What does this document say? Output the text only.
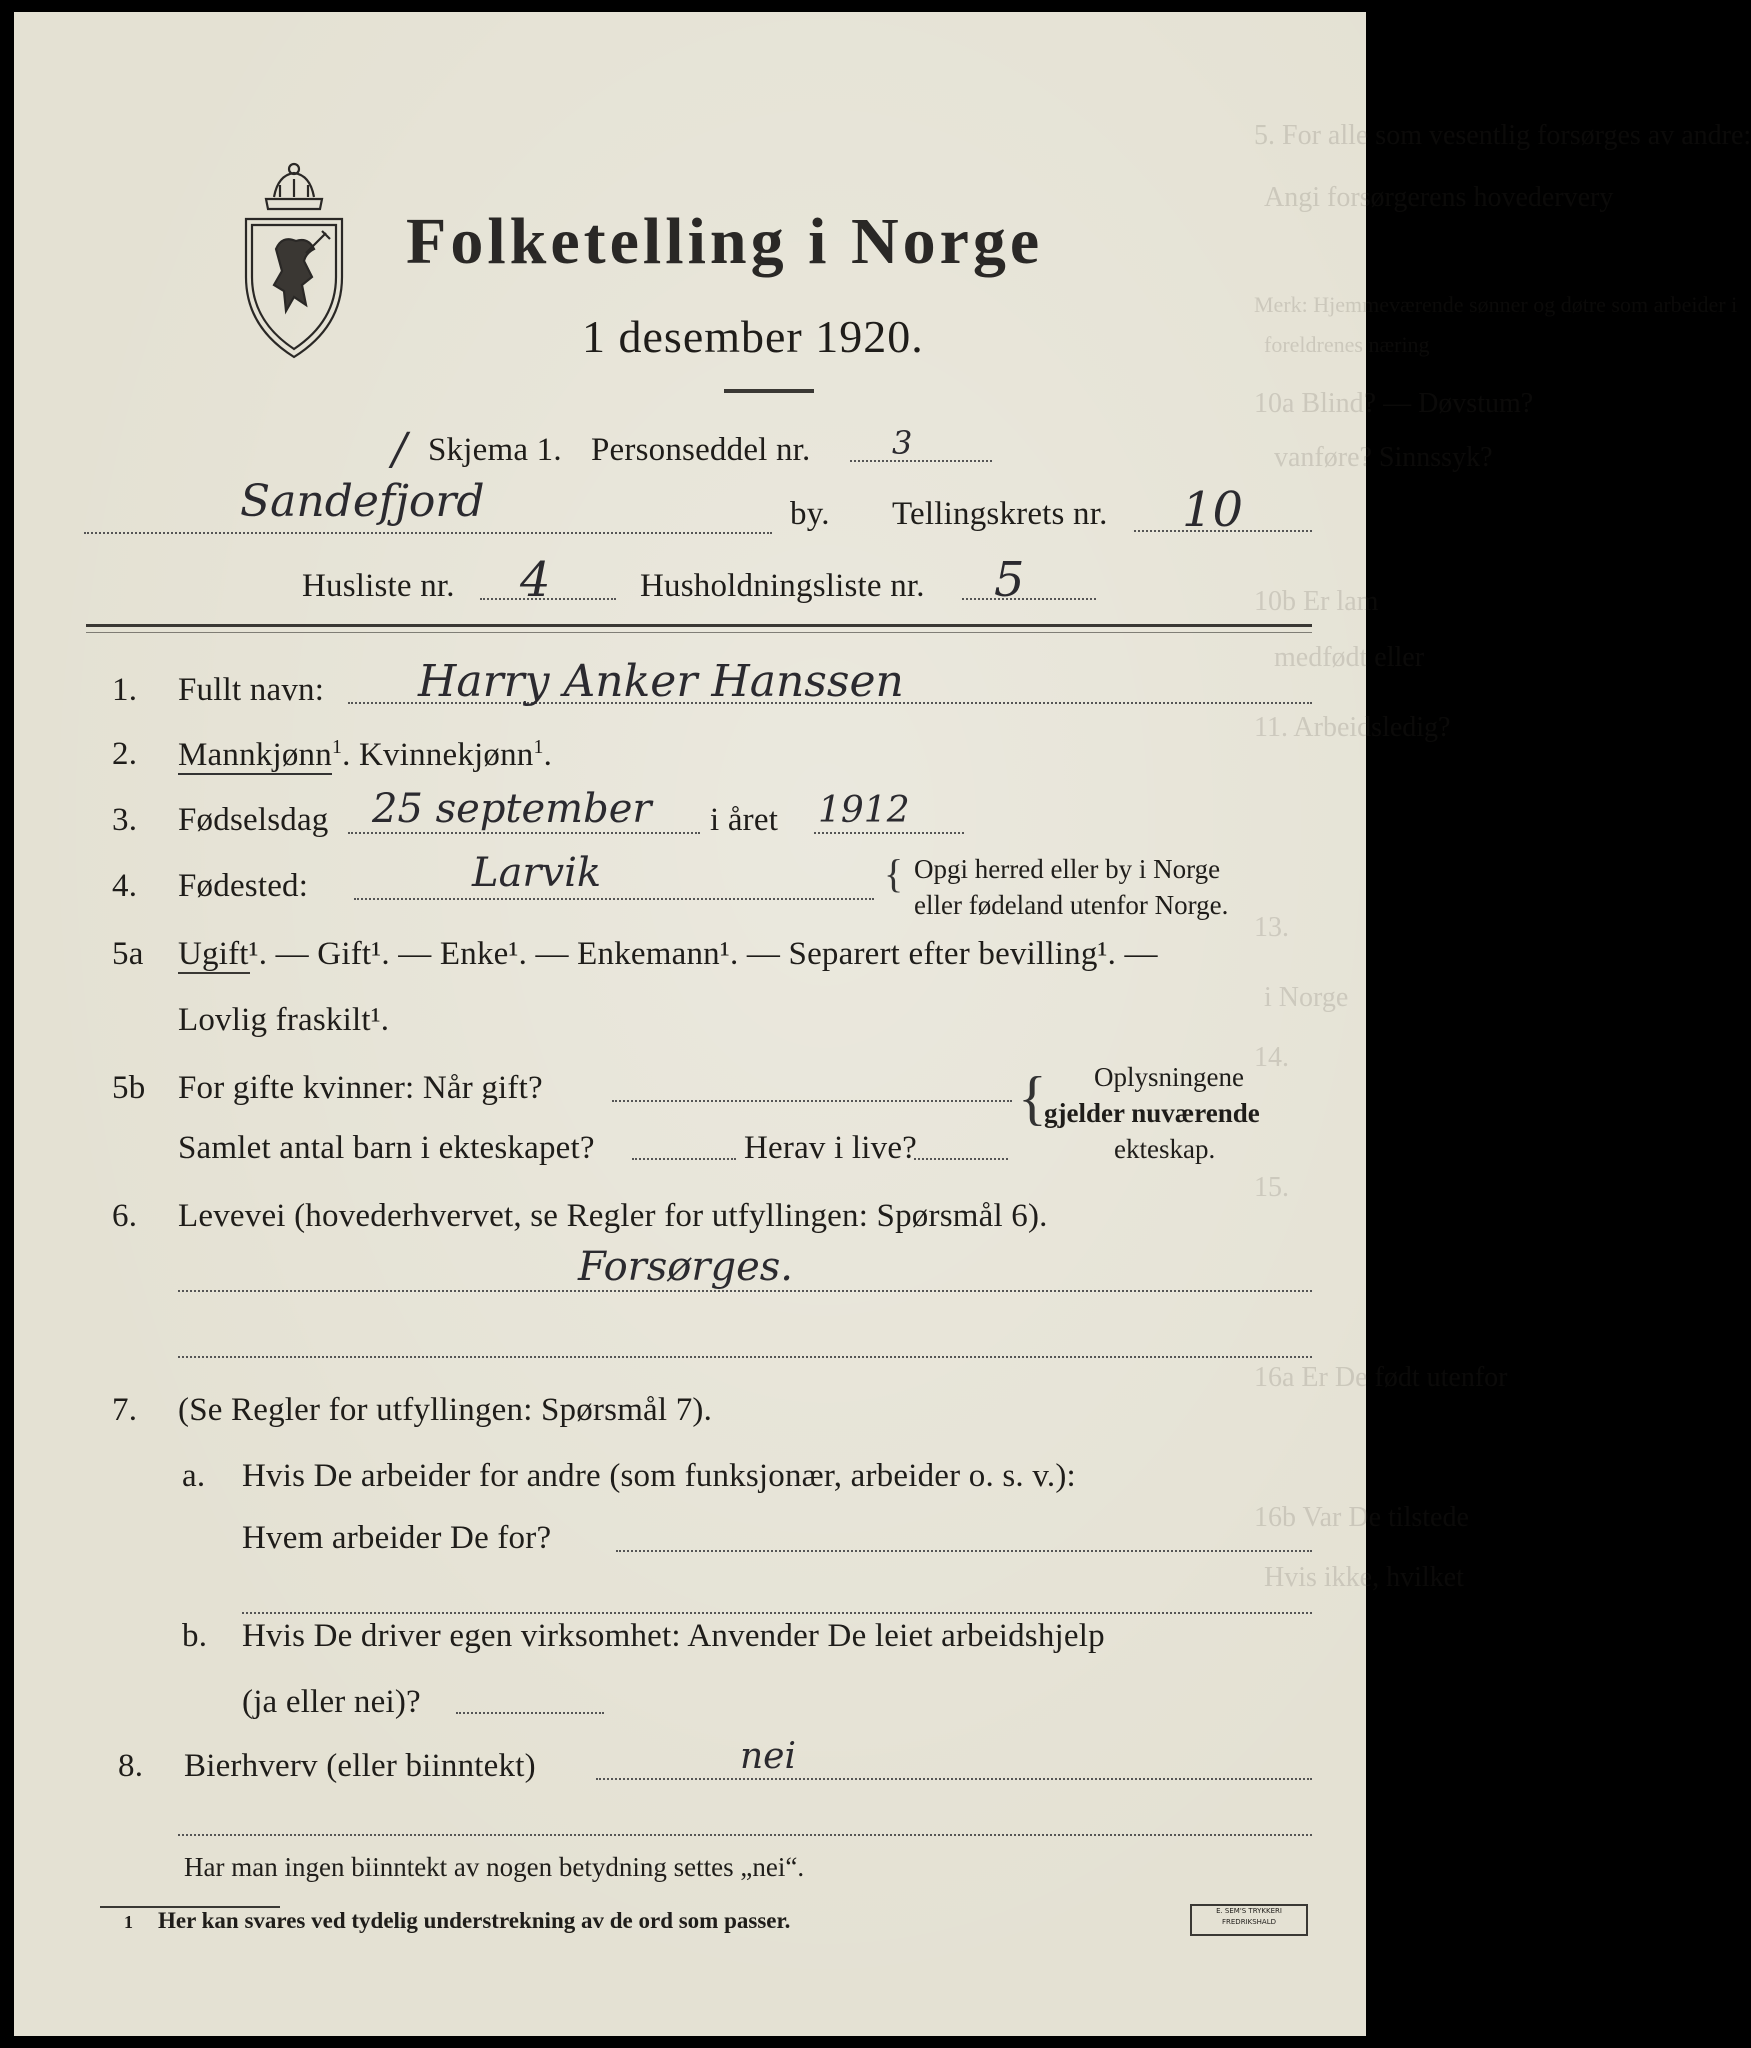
5. For alle som vesentlig forsørges av andre:
Angi forsørgerens hovedervery
Merk: Hjemmeværende sønner og døtre som arbeider i
foreldrenes næring
10a Blind? — Døvstum?
vanføre? Sinnssyk?
10b Er lam
medfødt eller
11. Arbeidsledig?
13.
i Norge
14.
15.
16a Er De født utenfor
16b Var De tilstede
Hvis ikke, hvilket
Folketelling i Norge
1 desember 1920.
/ Skjema 1. Personseddel nr.	3
Sandefjord	by. Tellingskrets nr. 10
Husliste nr. 4	Husholdningsliste nr. 5
1. Fullt navn: Harry Anker Hanssen
2. Mannkjønn$^1$. Kvinnekjønn$^1$.
3. Fødselsdag 25 september i året 1912
4. Fødested:	Larvik	{ Opgi herred eller by i Norge
eller fødeland utenfor Norge.
5a Ugift¹. — Gift¹. — Enke¹. — Enkemann¹. — Separert efter bevilling¹. —
Lovlig fraskilt¹.
5b For gifte kvinner: Når gift?
Samlet antal barn i ekteskapet?	Herav i live?
{ Oplysningene
gjelder nuværende
ekteskap.
6. Levevei (hovederhvervet, se Regler for utfyllingen: Spørsmål 6).
Forsørges.
7. (Se Regler for utfyllingen: Spørsmål 7).
a. Hvis De arbeider for andre (som funksjonær, arbeider o. s. v.):
Hvem arbeider De for?
b. Hvis De driver egen virksomhet: Anvender De leiet arbeidshjelp
(ja eller nei)?
8. Bierhverv (eller biinntekt)	nei
Har man ingen biinntekt av nogen betydning settes „nei“.
1 Her kan svares ved tydelig understrekning av de ord som passer.	E. SEM'S TRYKKERI
FREDRIKSHALD
